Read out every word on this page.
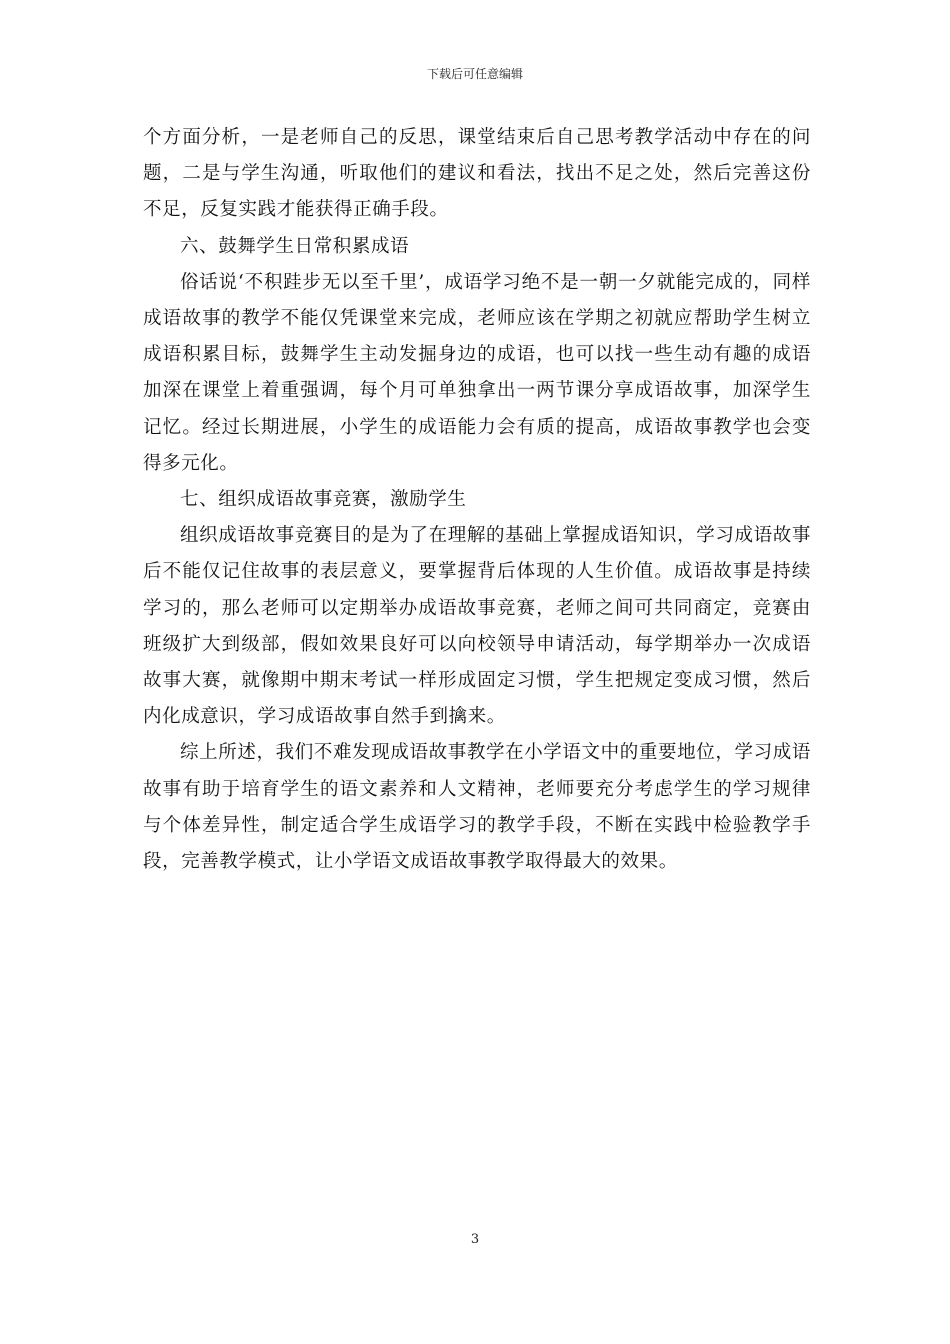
下载后可任意编辑

个方面分析，一是老师自己的反思，课堂结束后自己思考教学活动中存在的问题，二是与学生沟通，听取他们的建议和看法，找出不足之处，然后完善这份不足，反复实践才能获得正确手段。

六、鼓舞学生日常积累成语

俗话说‘不积跬步无以至千里’，成语学习绝不是一朝一夕就能完成的，同样成语故事的教学不能仅凭课堂来完成，老师应该在学期之初就应帮助学生树立成语积累目标，鼓舞学生主动发掘身边的成语，也可以找一些生动有趣的成语加深在课堂上着重强调，每个月可单独拿出一两节课分享成语故事，加深学生记忆。经过长期进展，小学生的成语能力会有质的提高，成语故事教学也会变得多元化。

七、组织成语故事竞赛，激励学生

组织成语故事竞赛目的是为了在理解的基础上掌握成语知识，学习成语故事后不能仅记住故事的表层意义，要掌握背后体现的人生价值。成语故事是持续学习的，那么老师可以定期举办成语故事竞赛，老师之间可共同商定，竞赛由班级扩大到级部，假如效果良好可以向校领导申请活动，每学期举办一次成语故事大赛，就像期中期末考试一样形成固定习惯，学生把规定变成习惯，然后内化成意识，学习成语故事自然手到擒来。

综上所述，我们不难发现成语故事教学在小学语文中的重要地位，学习成语故事有助于培育学生的语文素养和人文精神，老师要充分考虑学生的学习规律与个体差异性，制定适合学生成语学习的教学手段，不断在实践中检验教学手段，完善教学模式，让小学语文成语故事教学取得最大的效果。

3
